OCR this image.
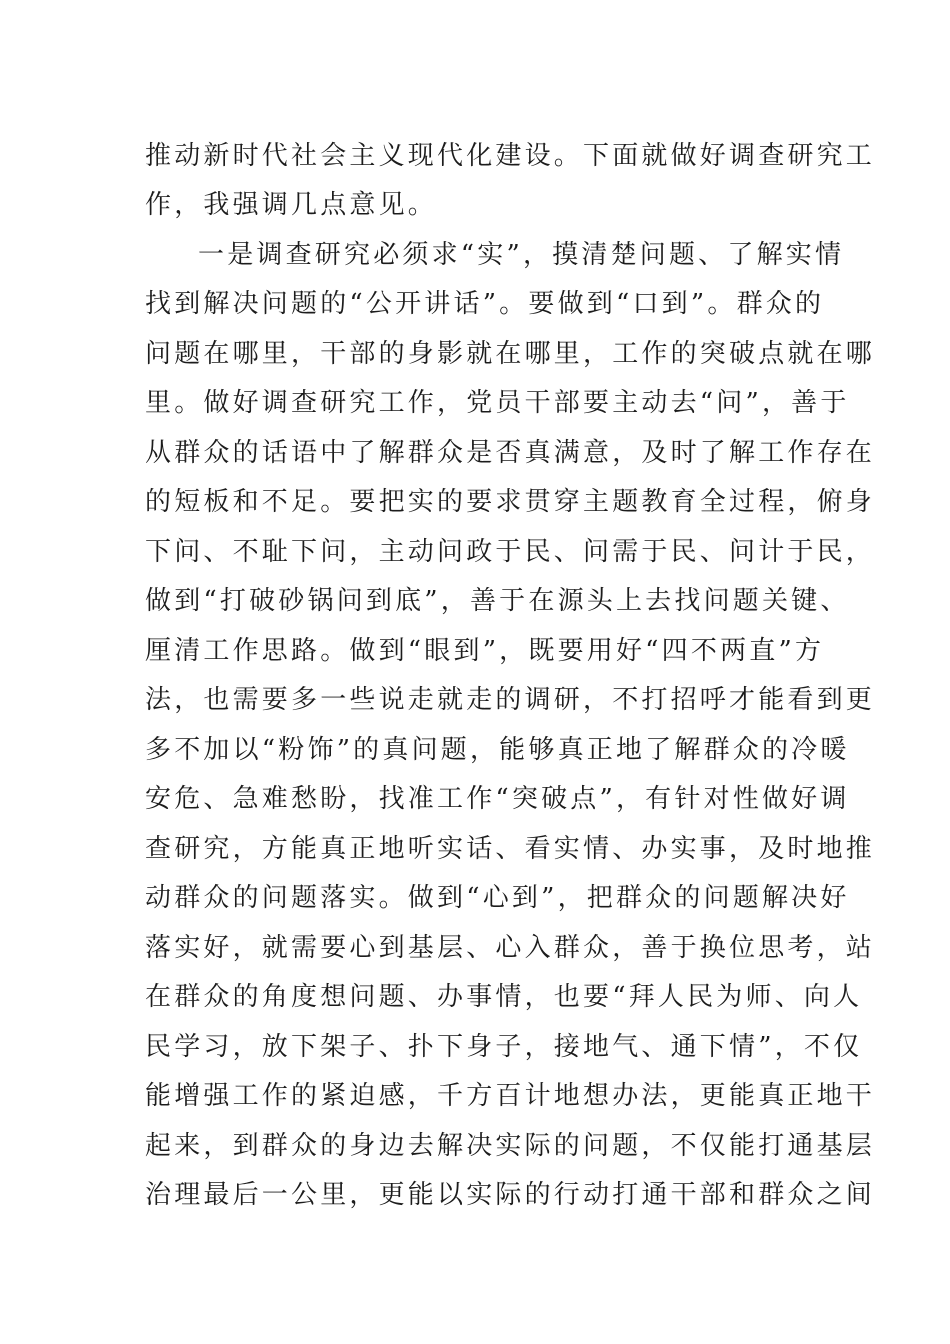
推动新时代社会主义现代化建设。下面就做好调查研究工
作，我强调几点意见。
一是调查研究必须求“实”，摸清楚问题、了解实情
找到解决问题的“公开讲话”。要做到“口到”。群众的
问题在哪里，干部的身影就在哪里，工作的突破点就在哪
里。做好调查研究工作，党员干部要主动去“问”，善于
从群众的话语中了解群众是否真满意，及时了解工作存在
的短板和不足。要把实的要求贯穿主题教育全过程，俯身
下问、不耻下问，主动问政于民、问需于民、问计于民，
做到“打破砂锅问到底”，善于在源头上去找问题关键、
厘清工作思路。做到“眼到”，既要用好“四不两直”方
法，也需要多一些说走就走的调研，不打招呼才能看到更
多不加以“粉饰”的真问题，能够真正地了解群众的冷暖
安危、急难愁盼，找准工作“突破点”，有针对性做好调
查研究，方能真正地听实话、看实情、办实事，及时地推
动群众的问题落实。做到“心到”，把群众的问题解决好
落实好，就需要心到基层、心入群众，善于换位思考，站
在群众的角度想问题、办事情，也要“拜人民为师、向人
民学习，放下架子、扑下身子，接地气、通下情”，不仅
能增强工作的紧迫感，千方百计地想办法，更能真正地干
起来，到群众的身边去解决实际的问题，不仅能打通基层
治理最后一公里，更能以实际的行动打通干部和群众之间
